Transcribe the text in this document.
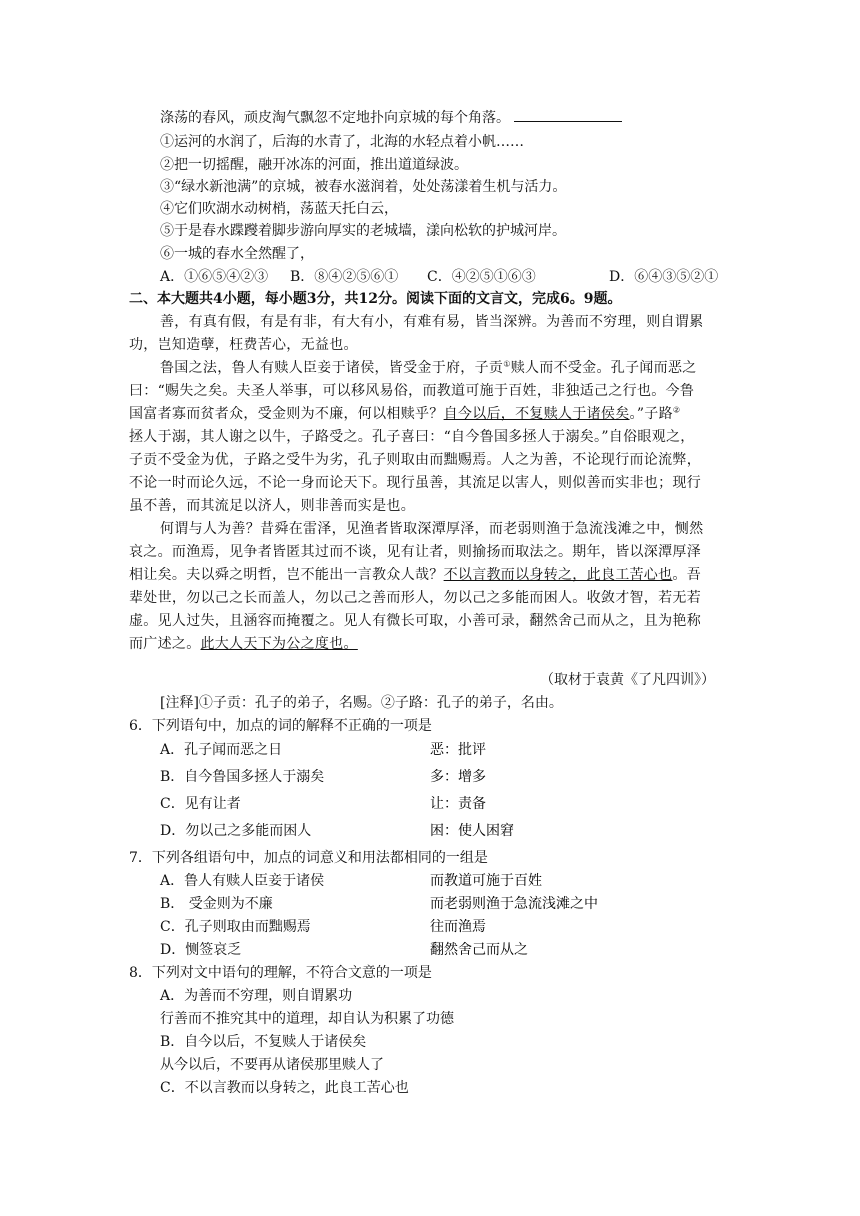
涤荡的春风，顽皮淘气飘忽不定地扑向京城的每个角落。
①运河的水润了，后海的水青了，北海的水轻点着小帆……
②把一切摇醒，融开冰冻的河面，推出道道绿波。
③“绿水新池满”的京城，被春水滋润着，处处荡漾着生机与活力。
④它们吹湖水动树梢，荡蓝天托白云，
⑤于是春水蹀躞着脚步游向厚实的老城墙，漾向松软的护城河岸。
⑥一城的春水全然醒了，
A．①⑥⑤④②③ B．⑧④②⑤⑥① C．④②⑤①⑥③	D．⑥④③⑤②①
二、本大题共4小题，每小题3分，共12分。阅读下面的文言文，完成6。9题。
善，有真有假，有是有非，有大有小，有难有易，皆当深辨。为善而不穷理，则自谓累
功，岂知造孽，枉费苦心，无益也。
鲁国之法，鲁人有赎人臣妾于诸侯，皆受金于府，子贡①赎人而不受金。孔子闻而恶之
曰：“赐失之矣。夫圣人举事，可以移风易俗，而教道可施于百姓，非独适己之行也。今鲁
国富者寡而贫者众，受金则为不廉，何以相赎乎？自今以后，不复赎人于诸侯矣。”子路②
拯人于溺，其人谢之以牛，子路受之。孔子喜曰：“自今鲁国多拯人于溺矣。”自俗眼观之，
子贡不受金为优，子路之受牛为劣，孔子则取由而黜赐焉。人之为善，不论现行而论流弊，
不论一时而论久远，不论一身而论天下。现行虽善，其流足以害人，则似善而实非也；现行
虽不善，而其流足以济人，则非善而实是也。
何谓与人为善？昔舜在雷泽，见渔者皆取深潭厚泽，而老弱则渔于急流浅滩之中，恻然
哀之。而渔焉，见争者皆匿其过而不谈，见有让者，则揄扬而取法之。期年，皆以深潭厚泽
相让矣。夫以舜之明哲，岂不能出一言教众人哉？不以言教而以身转之，此良工苦心也。吾
辈处世，勿以己之长而盖人，勿以己之善而形人，勿以己之多能而困人。收敛才智，若无若
虚。见人过失，且涵容而掩覆之。见人有微长可取，小善可录，翻然舍己而从之，且为艳称
而广述之。此大人天下为公之度也。
（取材于袁黄《了凡四训》）
[注释]①子贡：孔子的弟子，名赐。②子路：孔子的弟子，名由。
6．下列语句中，加点的词的解释不正确的一项是
A．孔子闻而恶之日	恶：批评
B．自今鲁国多拯人于溺矣	多：增多
C．见有让者	让：责备
D．勿以己之多能而困人	困：使人困窘
7．下列各组语句中，加点的词意义和用法都相同的一组是
A．鲁人有赎人臣妾于诸侯	而教道可施于百姓
B． 受金则为不廉	而老弱则渔于急流浅滩之中
C．孔子则取由而黜赐焉	往而渔焉
D．恻签哀乏	翻然舍己而从之
8．下列对文中语句的理解，不符合文意的一项是
A．为善而不穷理，则自谓累功
行善而不推究其中的道理，却自认为积累了功德
B．自今以后，不复赎人于诸侯矣
从今以后，不要再从诸侯那里赎人了
C．不以言教而以身转之，此良工苦心也
